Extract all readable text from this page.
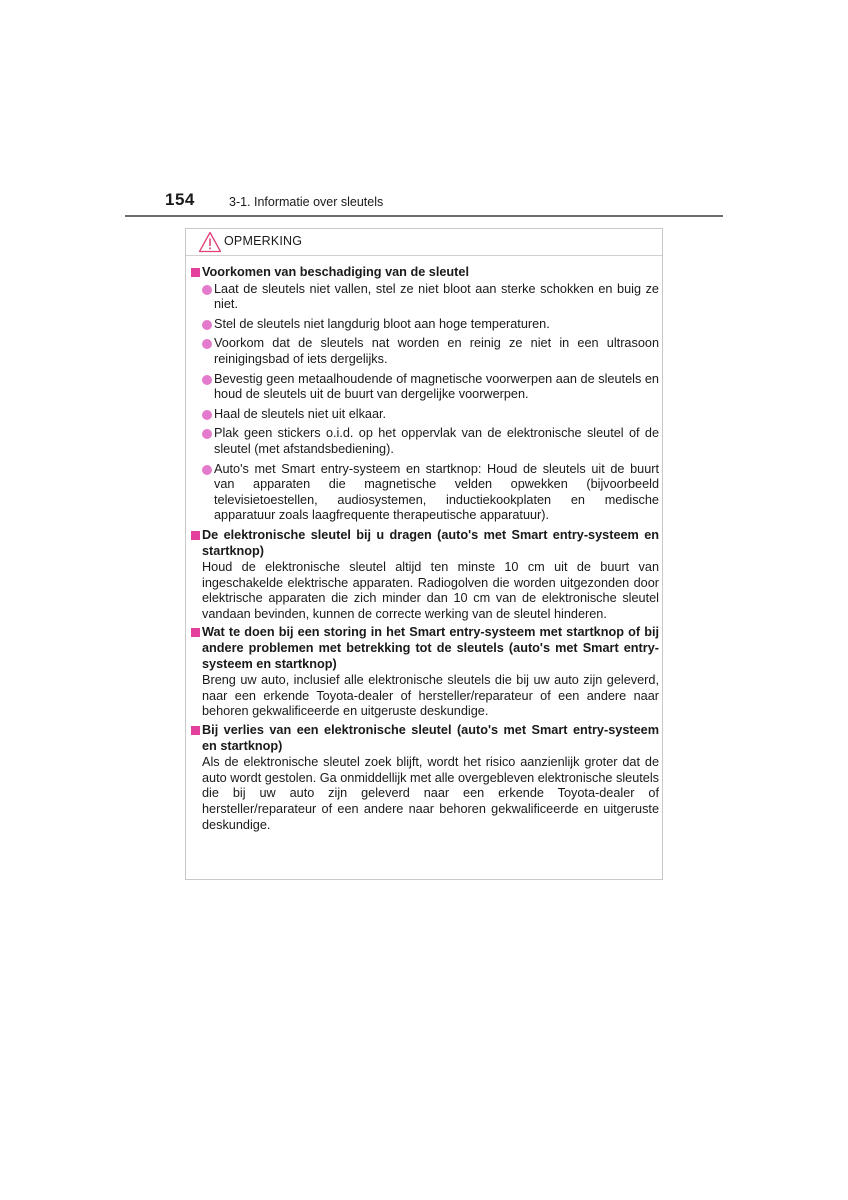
154	3-1. Informatie over sleutels
OPMERKING
Voorkomen van beschadiging van de sleutel
Laat de sleutels niet vallen, stel ze niet bloot aan sterke schokken en buig ze niet.
Stel de sleutels niet langdurig bloot aan hoge temperaturen.
Voorkom dat de sleutels nat worden en reinig ze niet in een ultrasoon reinigingsbad of iets dergelijks.
Bevestig geen metaalhoudende of magnetische voorwerpen aan de sleutels en houd de sleutels uit de buurt van dergelijke voorwerpen.
Haal de sleutels niet uit elkaar.
Plak geen stickers o.i.d. op het oppervlak van de elektronische sleutel of de sleutel (met afstandsbediening).
Auto's met Smart entry-systeem en startknop: Houd de sleutels uit de buurt van apparaten die magnetische velden opwekken (bijvoorbeeld televisietoestellen, audiosystemen, inductiekookplaten en medische apparatuur zoals laagfrequente therapeutische apparatuur).
De elektronische sleutel bij u dragen (auto's met Smart entry-systeem en startknop)
Houd de elektronische sleutel altijd ten minste 10 cm uit de buurt van ingeschakelde elektrische apparaten. Radiogolven die worden uitgezonden door elektrische apparaten die zich minder dan 10 cm van de elektronische sleutel vandaan bevinden, kunnen de correcte werking van de sleutel hinderen.
Wat te doen bij een storing in het Smart entry-systeem met startknop of bij andere problemen met betrekking tot de sleutels (auto's met Smart entry-systeem en startknop)
Breng uw auto, inclusief alle elektronische sleutels die bij uw auto zijn geleverd, naar een erkende Toyota-dealer of hersteller/reparateur of een andere naar behoren gekwalificeerde en uitgeruste deskundige.
Bij verlies van een elektronische sleutel (auto's met Smart entry-systeem en startknop)
Als de elektronische sleutel zoek blijft, wordt het risico aanzienlijk groter dat de auto wordt gestolen. Ga onmiddellijk met alle overgebleven elektronische sleutels die bij uw auto zijn geleverd naar een erkende Toyota-dealer of hersteller/reparateur of een andere naar behoren gekwalificeerde en uitgeruste deskundige.
